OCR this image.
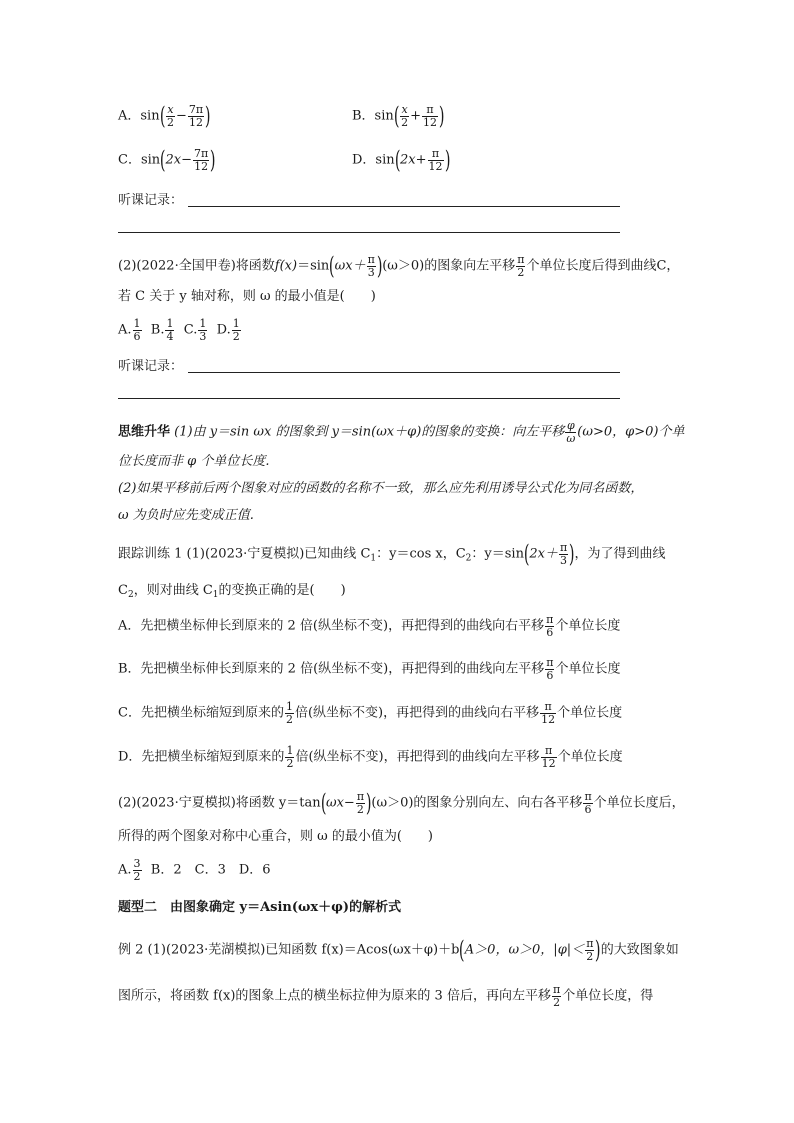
A．$\sin( \frac{x}{2} - \frac{7\pi}{12}$ )	B．$\sin( \frac{x}{2} + \frac{\pi}{12}$ )
C．$\sin(2x- \frac{7\pi}{12}$ )	D．$\sin(2x+ \frac{\pi}{12}$ )
听课记录：
(2)(2022·全国甲卷)将函数$f(x)=\sin(\omega x+ \frac{\pi}{3} )(\omega>0)$的图象向左平移 $\frac{\pi}{2}$ 个单位长度后得到曲线C，
若 C 关于 y 轴对称，则 ω 的最小值是(　　)
A. $\frac{1}{6} B$. $\frac{1}{4} C$. $\frac{1}{3} D$. $\frac{1}{2}$
听课记录：
思维升华 (1)由 y＝sin ωx 的图象到 y＝sin(ωx＋φ)的图象的变换：向左平移 $\frac{\varphi}{\omega} (\omega>0$，φ>0)个单
位长度而非 φ 个单位长度.
(2)如果平移前后两个图象对应的函数的名称不一致，那么应先利用诱导公式化为同名函数，
ω 为负时应先变成正值.
跟踪训练 1 (1)(2023·宁夏模拟)已知曲线 $C_1$：y＝cos x，$C_2$：$y=\sin(2x+ \frac{\pi}{3}$ )，为了得到曲线
$C_2$，则对曲线 $C_1$的变换正确的是(　　)
A．先把横坐标伸长到原来的 2 倍(纵坐标不变)，再把得到的曲线向右平移 $\frac{\pi}{6}$ 个单位长度
B．先把横坐标伸长到原来的 2 倍(纵坐标不变)，再把得到的曲线向左平移 $\frac{\pi}{6}$ 个单位长度
C．先把横坐标缩短到原来的 $\frac{1}{2}$ 倍(纵坐标不变)，再把得到的曲线向右平移 $\frac{\pi}{12}$ 个单位长度
D．先把横坐标缩短到原来的 $\frac{1}{2}$ 倍(纵坐标不变)，再把得到的曲线向左平移 $\frac{\pi}{12}$ 个单位长度
(2)(2023·宁夏模拟)将函数 $y=\tan(\omega x- \frac{\pi}{2} )(\omega>0)$的图象分别向左、向右各平移 $\frac{\pi}{6}$ 个单位长度后，
所得的两个图象对称中心重合，则 ω 的最小值为(　　)
A. $\frac{3}{2}$ B．2　C．3　D．6
题型二　由图象确定 y＝Asin(ωx＋φ)的解析式
例 2 (1)(2023·芜湖模拟)已知函数 f(x)＝Acos(ωx＋φ)＋b(A＞0，ω＞0，$|\varphi|< \frac{\pi}{2}$ )的大致图象如
图所示，将函数 f(x)的图象上点的横坐标拉伸为原来的 3 倍后，再向左平移 $\frac{\pi}{2}$ 个单位长度，得
